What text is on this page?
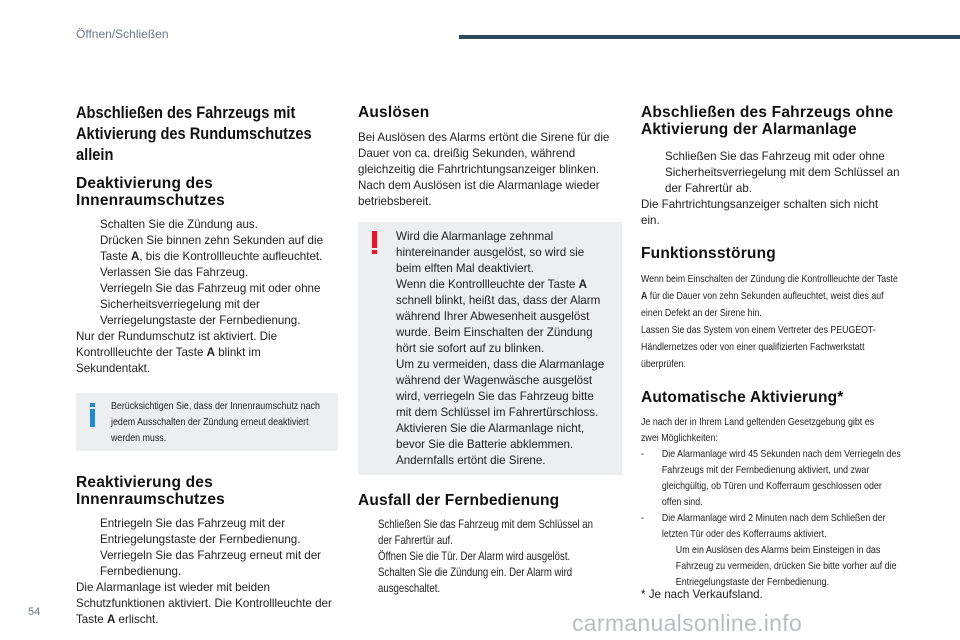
Öffnen/Schließen
Abschließen des Fahrzeugs mit
Aktivierung des Rundumschutzes allein
Deaktivierung des
Innenraumschutzes
Schalten Sie die Zündung aus.
Drücken Sie binnen zehn Sekunden auf die Taste A, bis die Kontrollleuchte aufleuchtet.
Verlassen Sie das Fahrzeug.
Verriegeln Sie das Fahrzeug mit oder ohne Sicherheitsverriegelung mit der Verriegelungstaste der Fernbedienung.

Nur der Rundumschutz ist aktiviert. Die Kontrollleuchte der Taste A blinkt im Sekundentakt.

Berücksichtigen Sie, dass der Innenraumschutz nach jedem Ausschalten der Zündung erneut deaktiviert werden muss.
Reaktivierung des
Innenraumschutzes
Entriegeln Sie das Fahrzeug mit der Entriegelungstaste der Fernbedienung.
Verriegeln Sie das Fahrzeug erneut mit der Fernbedienung.

Die Alarmanlage ist wieder mit beiden Schutzfunktionen aktiviert. Die Kontrollleuchte der Taste A erlischt.

Auslösen

Bei Auslösen des Alarms ertönt die Sirene für die Dauer von ca. dreißig Sekunden, während gleichzeitig die Fahrtrichtungsanzeiger blinken. Nach dem Auslösen ist die Alarmanlage wieder betriebsbereit.

Wird die Alarmanlage zehnmal hintereinander ausgelöst, so wird sie beim elften Mal deaktiviert.

Wenn die Kontrollleuchte der Taste A schnell blinkt, heißt das, dass der Alarm während Ihrer Abwesenheit ausgelöst wurde. Beim Einschalten der Zündung hört sie sofort auf zu blinken.

Um zu vermeiden, dass die Alarmanlage während der Wagenwäsche ausgelöst wird, verriegeln Sie das Fahrzeug bitte mit dem Schlüssel im Fahrertürschloss. Aktivieren Sie die Alarmanlage nicht, bevor Sie die Batterie abklemmen. Andernfalls ertönt die Sirene.

Ausfall der Fernbedienung
Schließen Sie das Fahrzeug mit dem Schlüssel an der Fahrertür auf.
Öffnen Sie die Tür. Der Alarm wird ausgelöst.
Schalten Sie die Zündung ein. Der Alarm wird ausgeschaltet.
Abschließen des Fahrzeugs ohne
Aktivierung der Alarmanlage
Schließen Sie das Fahrzeug mit oder ohne Sicherheitsverriegelung mit dem Schlüssel an der Fahrertür ab.

Die Fahrtrichtungsanzeiger schalten sich nicht ein.

Funktionsstörung
Wenn beim Einschalten der Zündung die Kontrollleuchte der Taste A für die Dauer von zehn Sekunden aufleuchtet, weist dies auf einen Defekt an der Sirene hin.
Lassen Sie das System von einem Vertreter des PEUGEOT-Händlernetzes oder von einer qualifizierten Fachwerkstatt überprüfen.
Automatische Aktivierung*
Je nach der in Ihrem Land geltenden Gesetzgebung gibt es zwei Möglichkeiten:
- Die Alarmanlage wird 45 Sekunden nach dem Verriegeln des Fahrzeugs mit der Fernbedienung aktiviert, und zwar gleichgültig, ob Türen und Kofferraum geschlossen oder offen sind.
- Die Alarmanlage wird 2 Minuten nach dem Schließen der letzten Tür oder des Kofferraums aktiviert.
Um ein Auslösen des Alarms beim Einsteigen in das Fahrzeug zu vermeiden, drücken Sie bitte vorher auf die Entriegelungstaste der Fernbedienung.
* Je nach Verkaufsland.
54	carmanualsonline.info
